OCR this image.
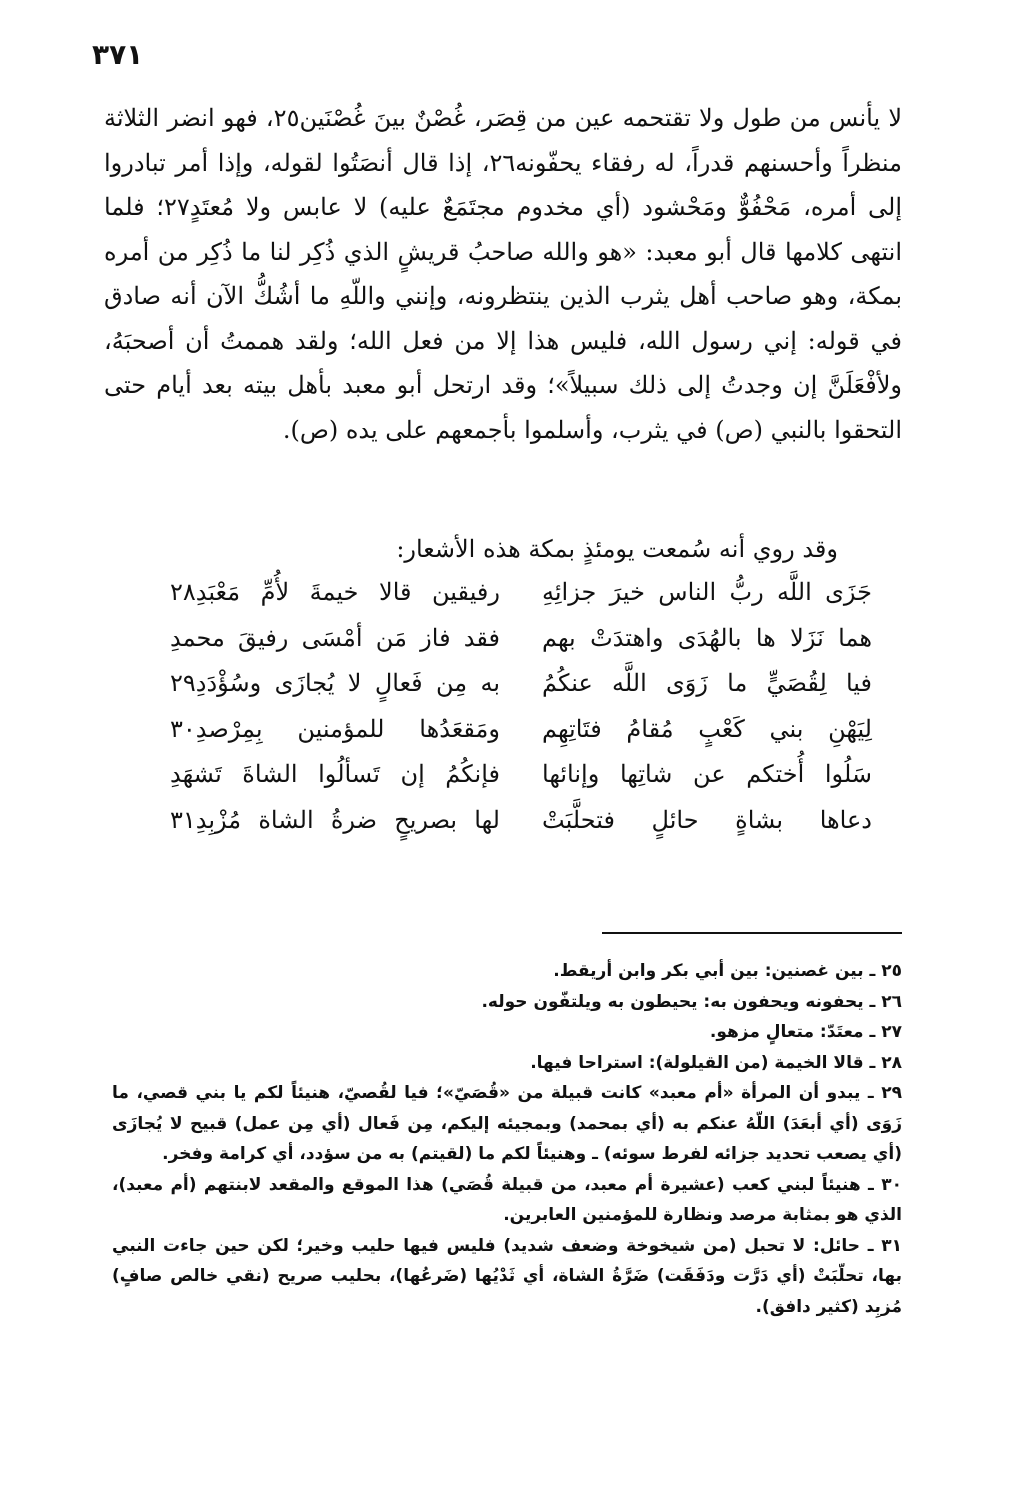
٣٧١

لا يأنس من طول ولا تقتحمه عين من قِصَر، غُصْنٌ بينَ غُصْنَين٢٥، فهو انضر الثلاثة منظراً وأحسنهم قدراً، له رفقاء يحفّونه٢٦، إذا قال أنصَتُوا لقوله، وإذا أمر تبادروا إلى أمره، مَحْفُوٌّ ومَحْشود (أي مخدوم مجتَمَعٌ عليه) لا عابس ولا مُعتَدٍ٢٧؛ فلما انتهى كلامها قال أبو معبد: «هو والله صاحبُ قريشٍ الذي ذُكِر لنا ما ذُكِر من أمره بمكة، وهو صاحب أهل يثرب الذين ينتظرونه، وإنني واللّهِ ما أشُكُّ الآن أنه صادق في قوله: إني رسول الله، فليس هذا إلا من فعل الله؛ ولقد هممتُ أن أصحبَهُ، ولأفْعَلَنَّ إن وجدتُ إلى ذلك سبيلاً»؛ وقد ارتحل أبو معبد بأهل بيته بعد أيام حتى التحقوا بالنبي (ص) في يثرب، وأسلموا بأجمعهم على يده (ص).

وقد روي أنه سُمعت يومئذٍ بمكة هذه الأشعار:

جَزَى اللَّه ربُّ الناس خيرَ جزائِهِ
رفيقين قالا خيمةَ لأُمِّ مَعْبَدِ٢٨
هما نَزَلا ها بالهُدَى واهتدَتْ بهم
فقد فاز مَن أمْسَى رفيقَ محمدِ
فيا لِقُصَيٍّ ما زَوَى اللَّه عنكُمُ
به مِن فَعالٍ لا يُجازَى وسُؤْدَدِ٢٩
لِيَهْنِ بني كَعْبٍ مُقامُ فتَاتِهِم
ومَقعَدُها للمؤمنين بِمِرْصدِ٣٠
سَلُوا أُختكم عن شاتِها وإنائها
فإنكُمُ إن تَسألُوا الشاةَ تَشهَدِ
دعاها بشاةٍ حائلٍ فتحلَّبَتْ
لها بصريحٍ ضرةُ الشاة مُزْبِدِ٣١

٢٥ ـ بين غصنين: بين أبي بكر وابن أريقط.

٢٦ ـ يحفونه ويحفون به: يحيطون به ويلتفّون حوله.

٢٧ ـ معتَدّ: متعالٍ مزهو.

٢٨ ـ قالا الخيمة (من القيلولة): استراحا فيها.

٢٩ ـ يبدو أن المرأة «أم معبد» كانت قبيلة من «قُصَيّ»؛ فيا لقُصيّ، هنيئاً لكم يا بني قصي، ما زَوَى (أي أبعَدَ) اللّهُ عنكم به (أي بمحمد) وبمجيئه إليكم، مِن فَعال (أي مِن عمل) قبيح لا يُجازَى (أي يصعب تحديد جزائه لفرط سوئه) ـ وهنيئاً لكم ما (لقيتم) به من سؤدد، أي كرامة وفخر.

٣٠ ـ هنيئاً لبني كعب (عشيرة أم معبد، من قبيلة قُصَي) هذا الموقع والمقعد لابنتهم (أم معبد)، الذي هو بمثابة مرصد ونظارة للمؤمنين العابرين.

٣١ ـ حائل: لا تحبل (من شيخوخة وضعف شديد) فليس فيها حليب وخير؛ لكن حين جاءت النبي بها، تحلّبَتْ (أي دَرَّت ودَفَقَت) ضَرَّةُ الشاة، أي ثَدْيُها (ضَرعُها)، بحليب صريح (نقي خالص صافٍ) مُزبِد (كثير دافق).
